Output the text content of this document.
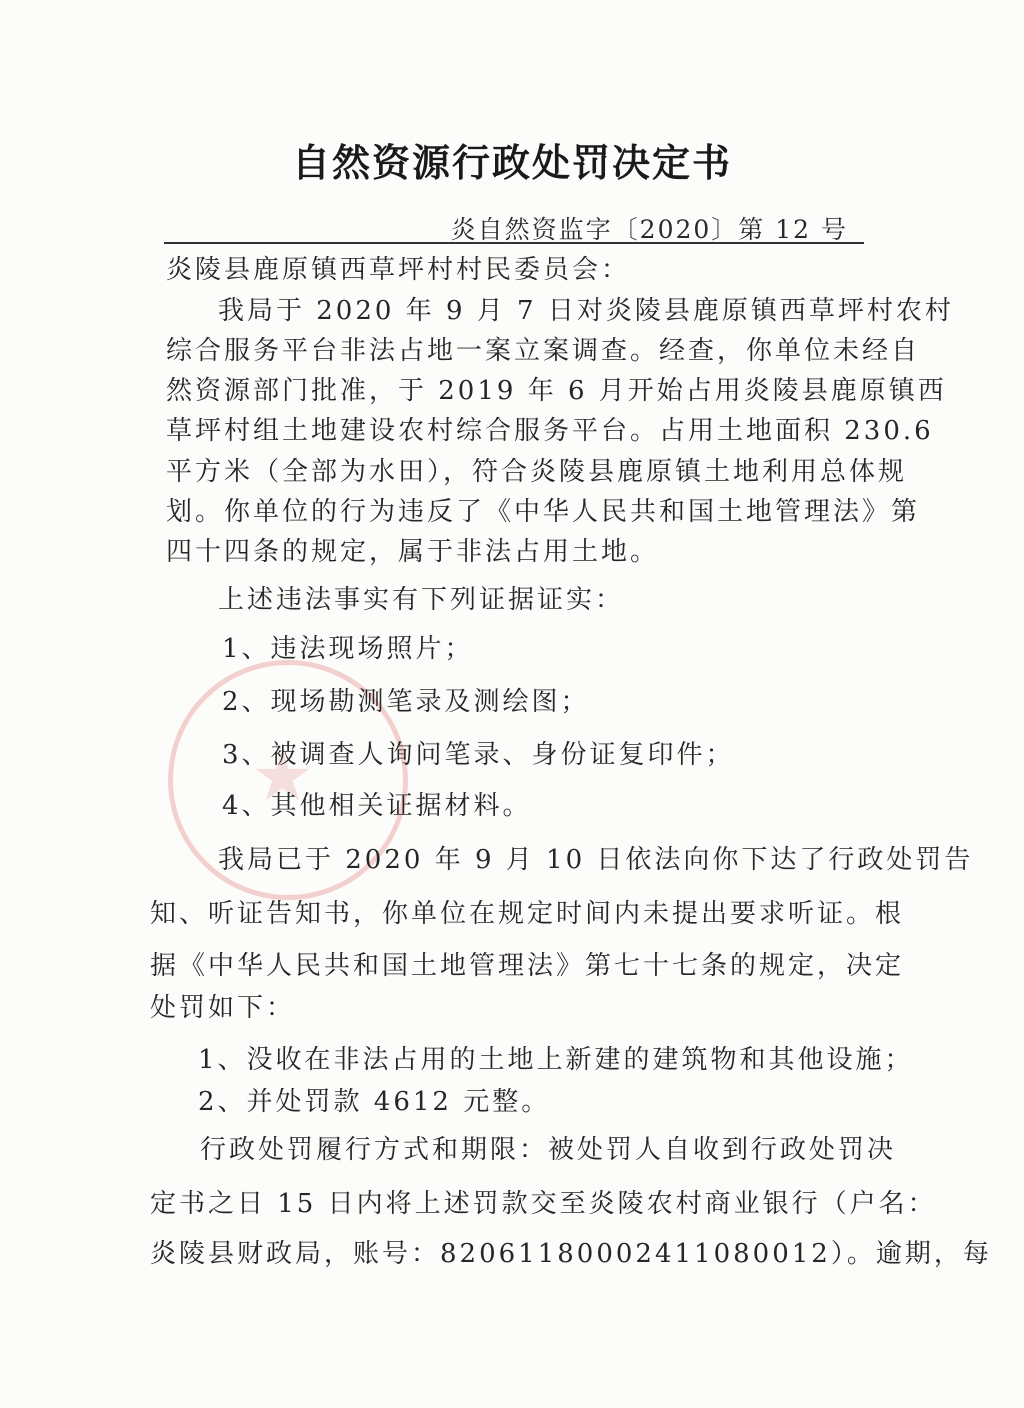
★
自然资源行政处罚决定书
炎自然资监字〔2020〕第 12 号
炎陵县鹿原镇西草坪村村民委员会：
我局于 2020 年 9 月 7 日对炎陵县鹿原镇西草坪村农村
综合服务平台非法占地一案立案调查。经查，你单位未经自
然资源部门批准，于 2019 年 6 月开始占用炎陵县鹿原镇西
草坪村组土地建设农村综合服务平台。占用土地面积 230.6
平方米（全部为水田），符合炎陵县鹿原镇土地利用总体规
划。你单位的行为违反了《中华人民共和国土地管理法》第
四十四条的规定，属于非法占用土地。
上述违法事实有下列证据证实：
1、违法现场照片；
2、现场勘测笔录及测绘图；
3、被调查人询问笔录、身份证复印件；
4、其他相关证据材料。
我局已于 2020 年 9 月 10 日依法向你下达了行政处罚告
知、听证告知书，你单位在规定时间内未提出要求听证。根
据《中华人民共和国土地管理法》第七十七条的规定，决定
处罚如下：
1、没收在非法占用的土地上新建的建筑物和其他设施；
2、并处罚款 4612 元整。
行政处罚履行方式和期限：被处罚人自收到行政处罚决
定书之日 15 日内将上述罚款交至炎陵农村商业银行（户名：
炎陵县财政局，账号：82061180002411080012）。逾期，每
